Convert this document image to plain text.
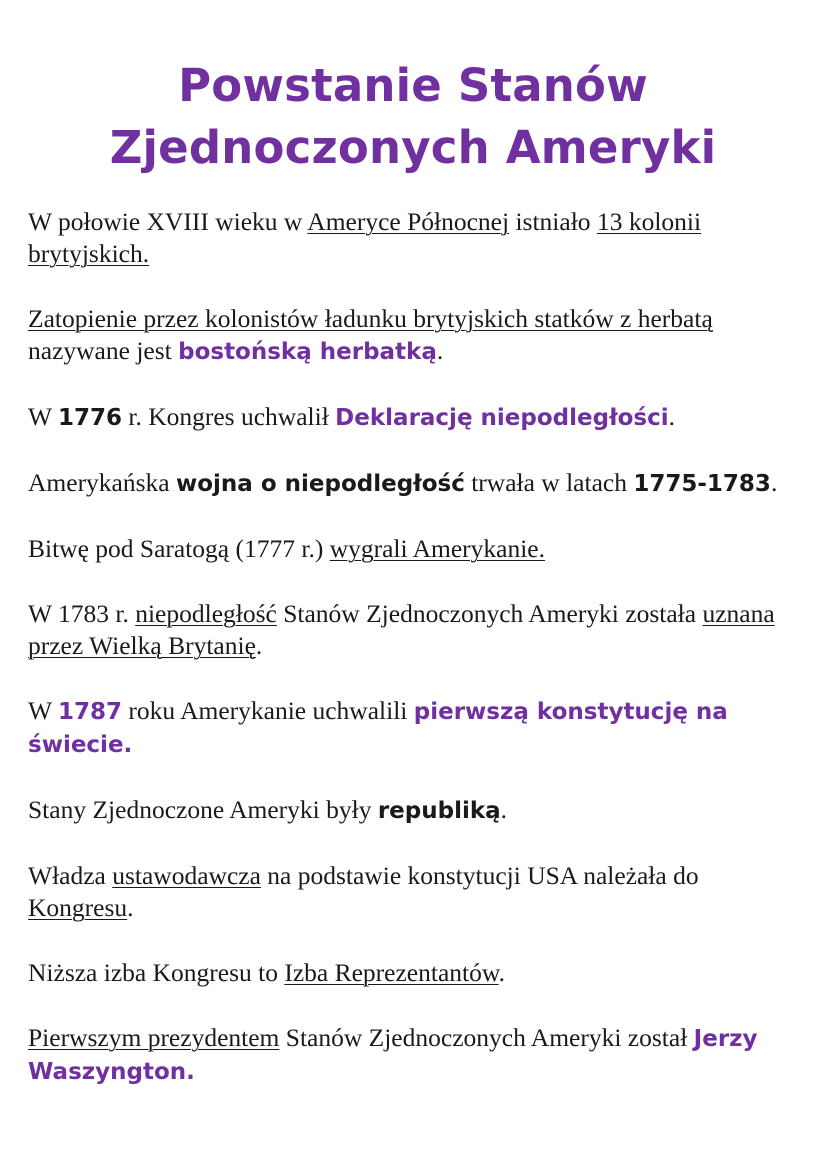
Powstanie Stanów
Zjednoczonych Ameryki

W połowie XVIII wieku w Ameryce Północnej istniało 13 kolonii brytyjskich.

Zatopienie przez kolonistów ładunku brytyjskich statków z herbatą nazywane jest bostońską herbatką.

W 1776 r. Kongres uchwalił Deklarację niepodległości.

Amerykańska wojna o niepodległość trwała w latach 1775-1783.

Bitwę pod Saratogą (1777 r.) wygrali Amerykanie.

W 1783 r. niepodległość Stanów Zjednoczonych Ameryki została uznana przez Wielką Brytanię.

W 1787 roku Amerykanie uchwalili pierwszą konstytucję na świecie.

Stany Zjednoczone Ameryki były republiką.

Władza ustawodawcza na podstawie konstytucji USA należała do Kongresu.

Niższa izba Kongresu to Izba Reprezentantów.

Pierwszym prezydentem Stanów Zjednoczonych Ameryki został Jerzy Waszyngton.
